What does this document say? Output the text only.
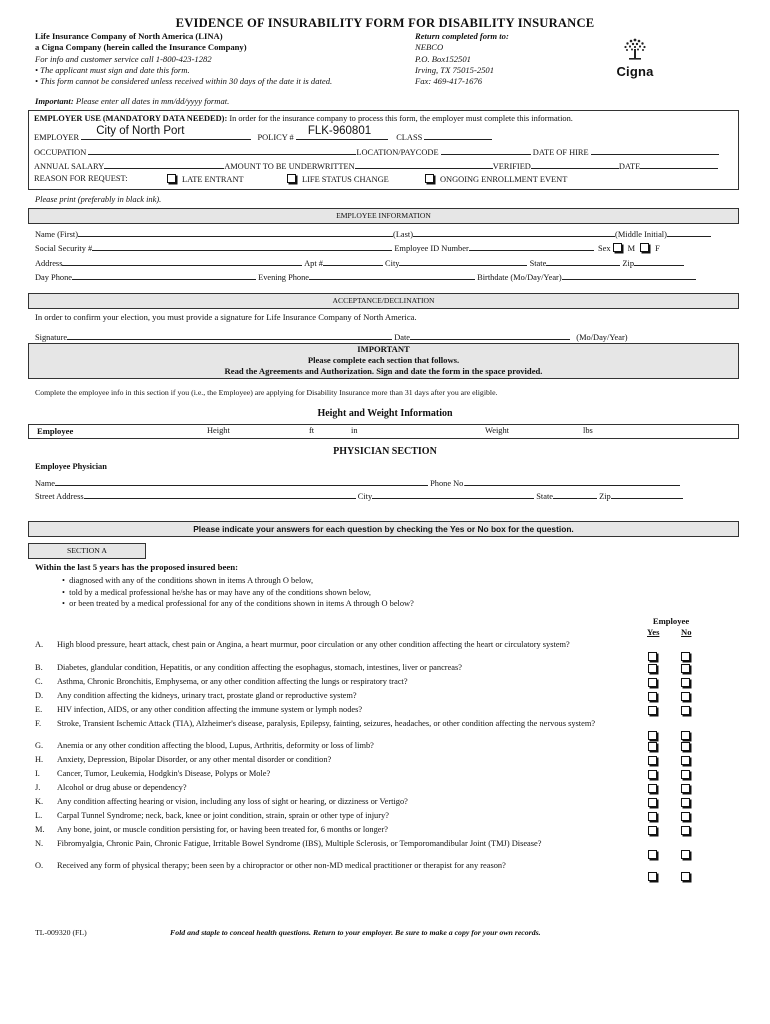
EVIDENCE OF INSURABILITY FORM FOR DISABILITY INSURANCE
Life Insurance Company of North America (LINA)
a Cigna Company (herein called the Insurance Company)
For info and customer service call 1-800-423-1282
• The applicant must sign and date this form.
• This form cannot be considered unless received within 30 days of the date it is dated.
Return completed form to:
NEBCO
P.O. Box152501
Irving, TX 75015-2501
Fax: 469-417-1676
Cigna
Important: Please enter all dates in mm/dd/yyyy format.
EMPLOYER USE (MANDATORY DATA NEEDED): In order for the insurance company to process this form, the employer must complete this information.
EMPLOYER
City of North Port
POLICY #
FLK-960801
CLASS
OCCUPATION	LOCATION/PAYCODE	DATE OF HIRE
ANNUAL SALARY	AMOUNT TO BE UNDERWRITTEN	VERIFIED	DATE
REASON FOR REQUEST:	LATE ENTRANT	LIFE STATUS CHANGE	ONGOING ENROLLMENT EVENT
Please print (preferably in black ink).
EMPLOYEE INFORMATION
Name (First)	(Last)	(Middle Initial)
Social Security #	Employee ID Number	Sex M F
Address	Apt #	City	State	Zip
Day Phone	Evening Phone	Birthdate (Mo/Day/Year)
ACCEPTANCE/DECLINATION
In order to confirm your election, you must provide a signature for Life Insurance Company of North America.
Signature	Date	(Mo/Day/Year)
IMPORTANT
Please complete each section that follows.
Read the Agreements and Authorization. Sign and date the form in the space provided.
Complete the employee info in this section if you (i.e., the Employee) are applying for Disability Insurance more than 31 days after you are eligible.
Height and Weight Information
Employee	Height	ft	in	Weight	lbs
PHYSICIAN SECTION
Employee Physician
Name	Phone No.
Street Address	City	State	Zip
Please indicate your answers for each question by checking the Yes or No box for the question.
SECTION A
Within the last 5 years has the proposed insured been:
•  diagnosed with any of the conditions shown in items A through O below,
•  told by a medical professional he/she has or may have any of the conditions shown below,
•  or been treated by a medical professional for any of the conditions shown in items A through O below?
Employee
Yes	No
A. High blood pressure, heart attack, chest pain or Angina, a heart murmur, poor circulation or any other condition affecting the heart or circulatory system?
B. Diabetes, glandular condition, Hepatitis, or any condition affecting the esophagus, stomach, intestines, liver or pancreas?
C. Asthma, Chronic Bronchitis, Emphysema, or any other condition affecting the lungs or respiratory tract?
D. Any condition affecting the kidneys, urinary tract, prostate gland or reproductive system?
E. HIV infection, AIDS, or any other condition affecting the immune system or lymph nodes?
F. Stroke, Transient Ischemic Attack (TIA), Alzheimer's disease, paralysis, Epilepsy, fainting, seizures, headaches, or other condition affecting the nervous system?
G. Anemia or any other condition affecting the blood, Lupus, Arthritis, deformity or loss of limb?
H. Anxiety, Depression, Bipolar Disorder, or any other mental disorder or condition?
I. Cancer, Tumor, Leukemia, Hodgkin's Disease, Polyps or Mole?
J. Alcohol or drug abuse or dependency?
K. Any condition affecting hearing or vision, including any loss of sight or hearing, or dizziness or Vertigo?
L. Carpal Tunnel Syndrome; neck, back, knee or joint condition, strain, sprain or other type of injury?
M. Any bone, joint, or muscle condition persisting for, or having been treated for, 6 months or longer?
N. Fibromyalgia, Chronic Pain, Chronic Fatigue, Irritable Bowel Syndrome (IBS), Multiple Sclerosis, or Temporomandibular Joint (TMJ) Disease?
O. Received any form of physical therapy; been seen by a chiropractor or other non-MD medical practitioner or therapist for any reason?
TL-009320 (FL)	Fold and staple to conceal health questions. Return to your employer. Be sure to make a copy for your own records.
